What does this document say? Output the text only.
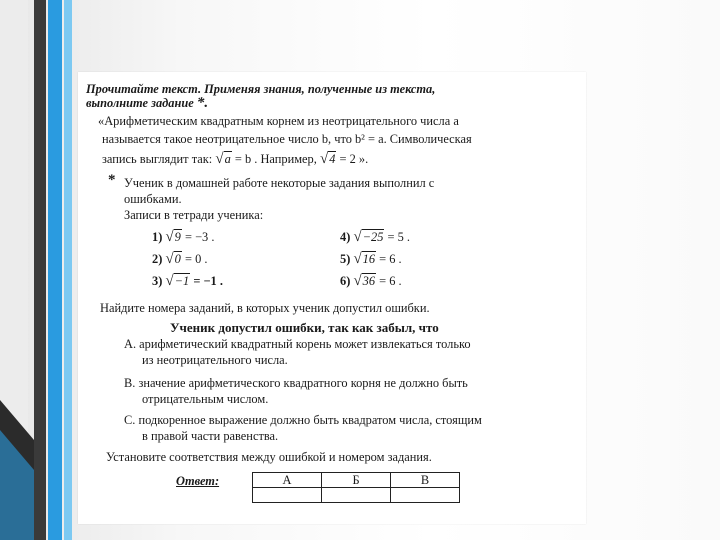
Прочитайте текст. Применяя знания, полученные из текста,
выполните задание *.
«Арифметическим квадратным корнем из неотрицательного числа a
называется такое неотрицательное число b, что b² = a. Символическая
запись выглядит так: √a = b . Например, √4 = 2 ».
* Ученик в домашней работе некоторые задания выполнил с
ошибками.
Записи в тетради ученика:
1) √9 = −3 .
2) √0 = 0 .
3) √−1 = −1 .
4) √−25 = 5 .
5) √16 = 6 .
6) √36 = 6 .
Найдите номера заданий, в которых ученик допустил ошибки.
Ученик допустил ошибки, так как забыл, что
А. арифметический квадратный корень может извлекаться только
из неотрицательного числа.
В. значение арифметического квадратного корня не должно быть
отрицательным числом.
С. подкоренное выражение должно быть квадратом числа, стоящим
в правой части равенства.
Установите соответствия между ошибкой и номером задания.
Ответ:	А	Б	В
